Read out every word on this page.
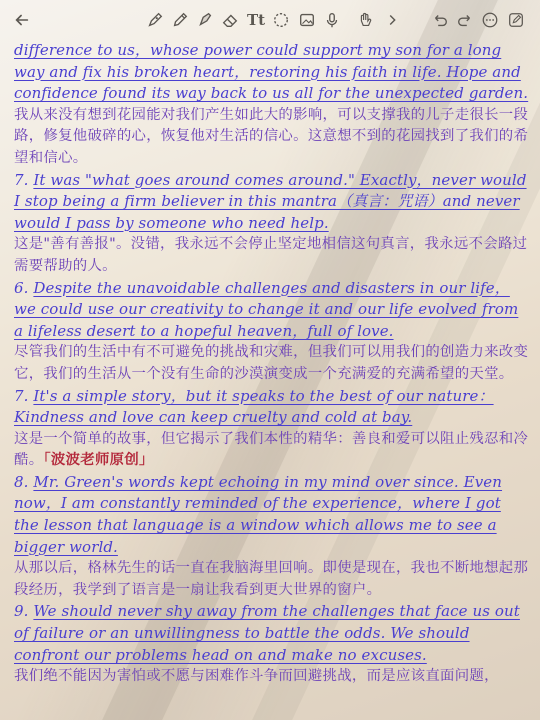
Tt
difference to us，whose power could support my son for a long way and fix his broken heart，restoring his faith in life. Hope and confidence found its way back to us all for the unexpected garden.
我从来没有想到花园能对我们产生如此大的影响，可以支撑我的儿子走很长一段路，修复他破碎的心，恢复他对生活的信心。这意想不到的花园找到了我们的希望和信心。
7. It was "what goes around comes around." Exactly，never would I stop being a firm believer in this mantra（真言：咒语）and never would I pass by someone who need help.
这是"善有善报"。没错，我永远不会停止坚定地相信这句真言，我永远不会路过需要帮助的人。
6. Despite the unavoidable challenges and disasters in our life，we could use our creativity to change it and our life evolved from a lifeless desert to a hopeful heaven，full of love.
尽管我们的生活中有不可避免的挑战和灾难，但我们可以用我们的创造力来改变它，我们的生活从一个没有生命的沙漠演变成一个充满爱的充满希望的天堂。
7. It's a simple story，but it speaks to the best of our nature： Kindness and love can keep cruelty and cold at bay.
这是一个简单的故事，但它揭示了我们本性的精华：善良和爱可以阻止残忍和冷酷。「波波老师原创」
8. Mr. Green's words kept echoing in my mind over since. Even now，I am constantly reminded of the experience，where I got the lesson that language is a window which allows me to see a bigger world.
从那以后，格林先生的话一直在我脑海里回响。即使是现在，我也不断地想起那段经历，我学到了语言是一扇让我看到更大世界的窗户。
9. We should never shy away from the challenges that face us out of failure or an unwillingness to battle the odds. We should confront our problems head on and make no excuses.
我们绝不能因为害怕或不愿与困难作斗争而回避挑战，而是应该直面问题，
